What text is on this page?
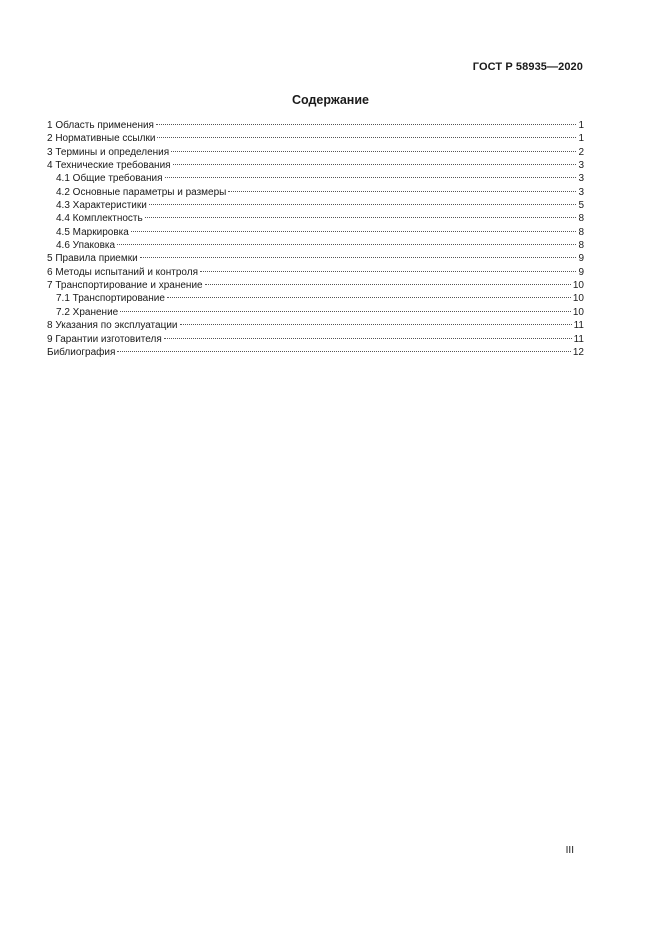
ГОСТ Р 58935—2020
Содержание
1 Область применения	1
2 Нормативные ссылки	1
3 Термины и определения	2
4 Технические требования	3
4.1 Общие требования	3
4.2 Основные параметры и размеры	3
4.3 Характеристики	5
4.4 Комплектность	8
4.5 Маркировка	8
4.6 Упаковка	8
5 Правила приемки	9
6 Методы испытаний и контроля	9
7 Транспортирование и хранение	10
7.1 Транспортирование	10
7.2 Хранение	10
8 Указания по эксплуатации	11
9 Гарантии изготовителя	11
Библиография	12
III
